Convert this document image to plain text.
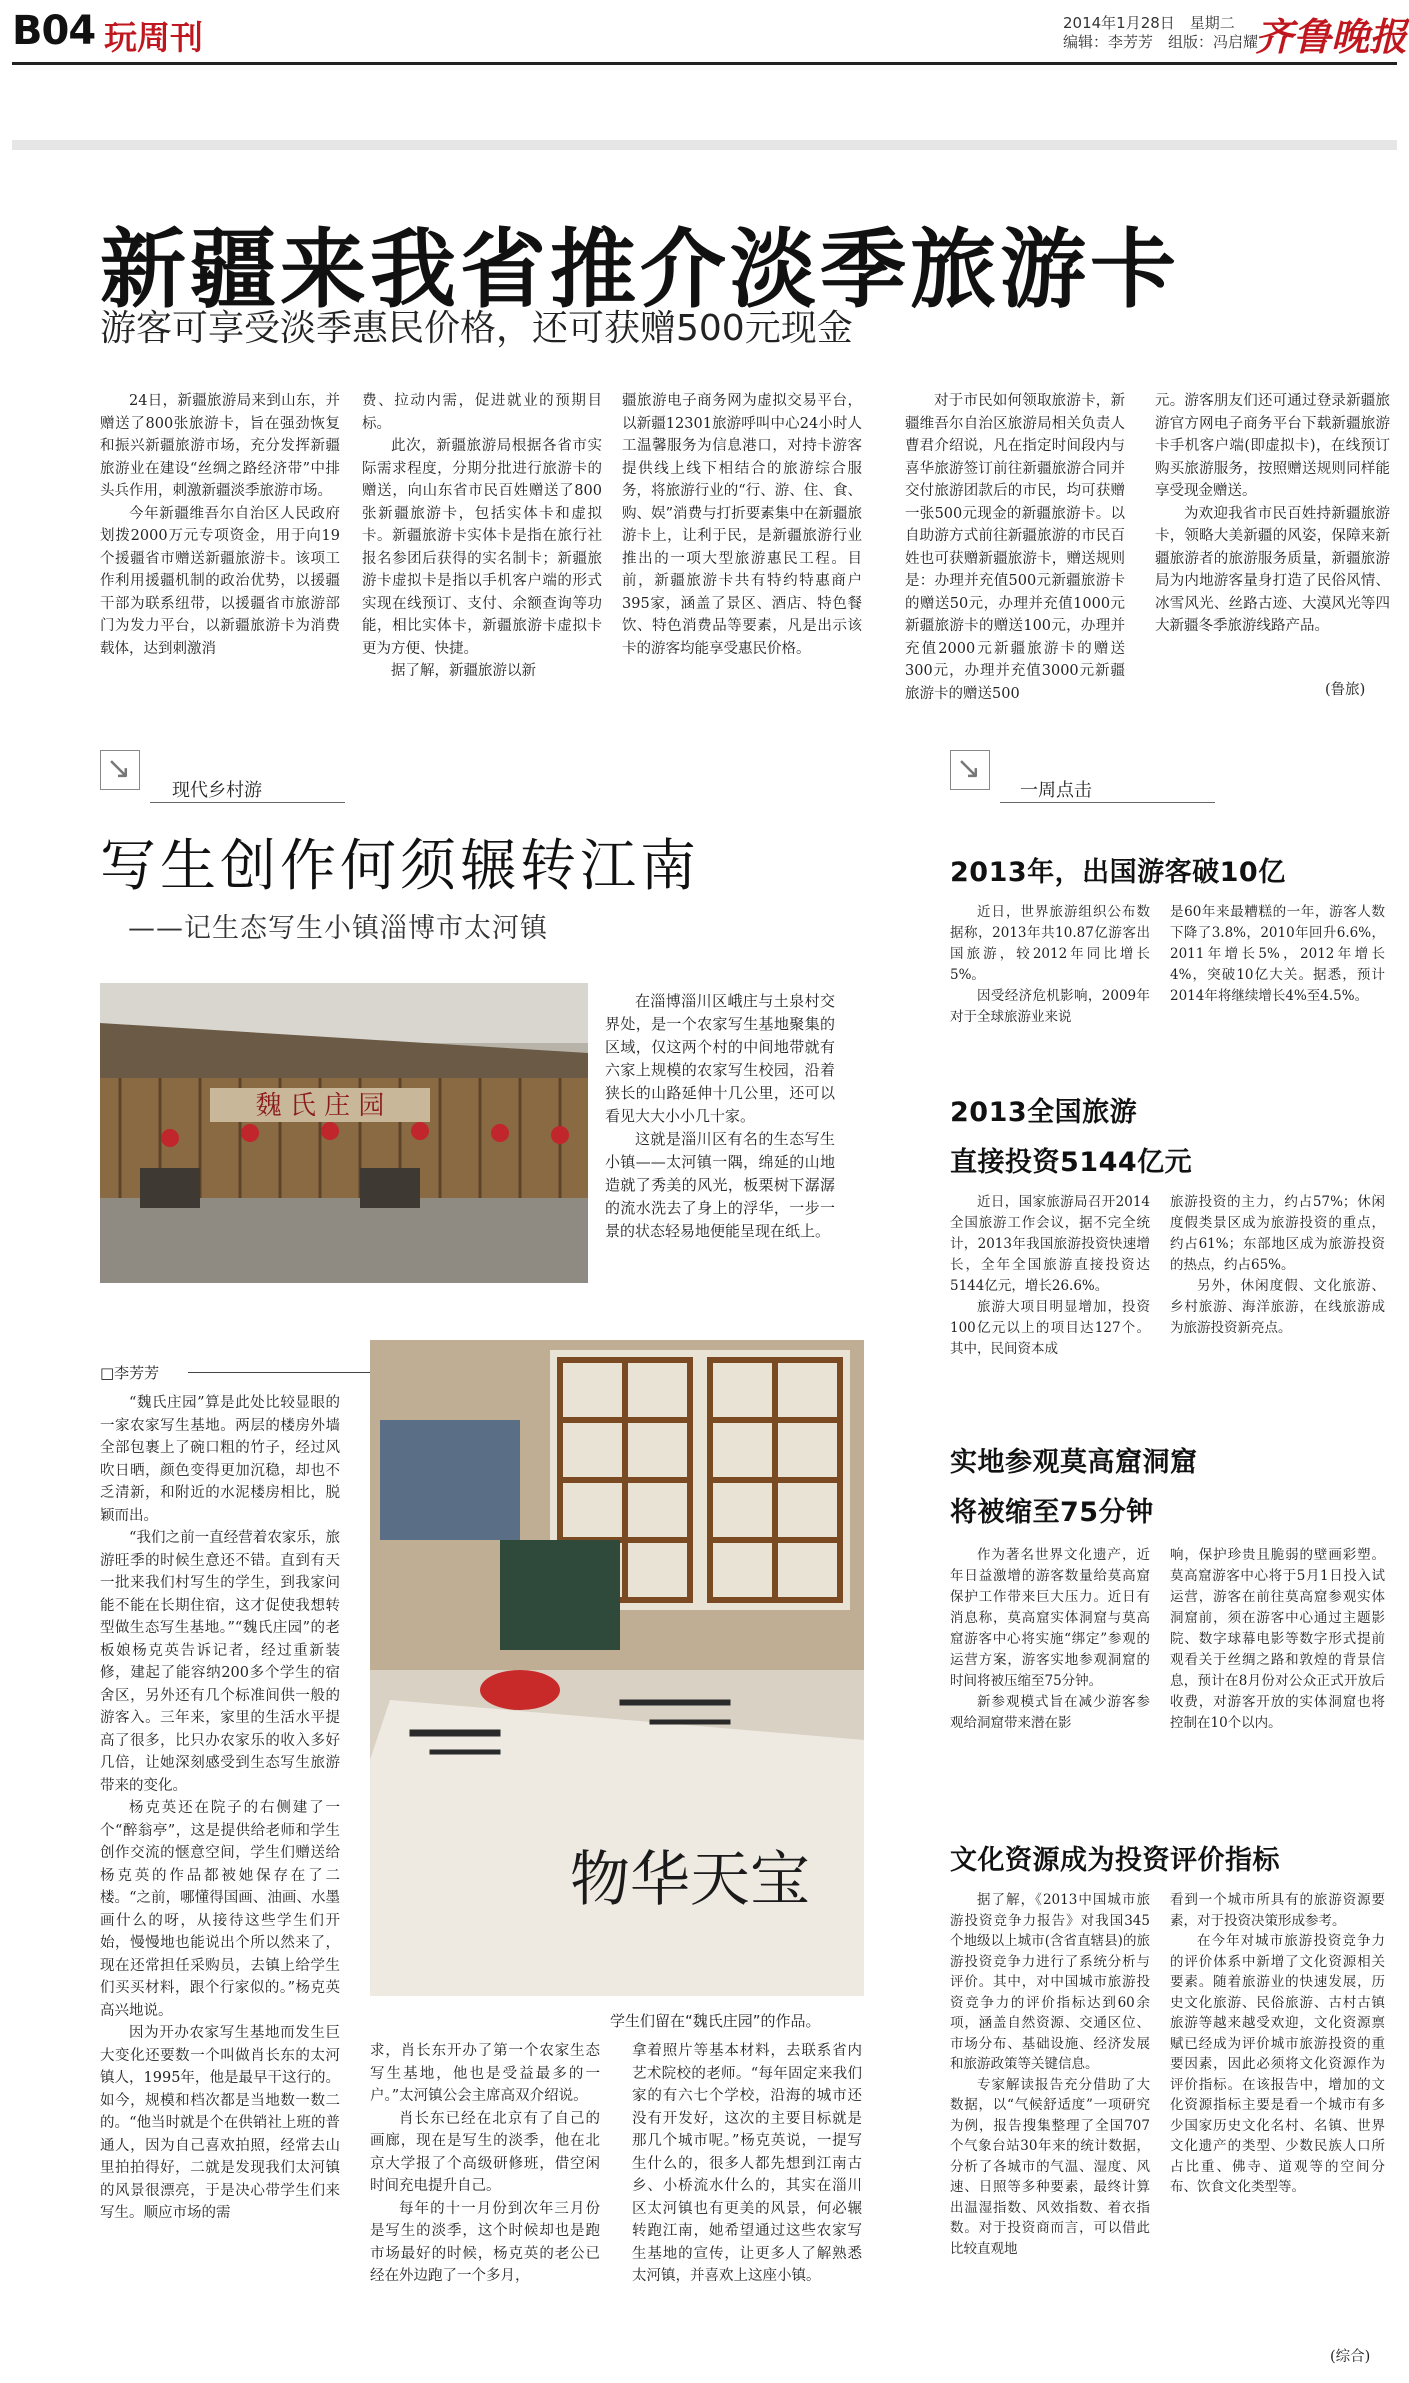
B04 玩周刊	2014年1月28日　星期二
编辑：李芳芳　组版：冯启耀
齐鲁晚报
新疆来我省推介淡季旅游卡
游客可享受淡季惠民价格，还可获赠500元现金

24日，新疆旅游局来到山东，并赠送了800张旅游卡，旨在强劲恢复和振兴新疆旅游市场，充分发挥新疆旅游业在建设“丝绸之路经济带”中排头兵作用，刺激新疆淡季旅游市场。

今年新疆维吾尔自治区人民政府划拨2000万元专项资金，用于向19个援疆省市赠送新疆旅游卡。该项工作利用援疆机制的政治优势，以援疆干部为联系纽带，以援疆省市旅游部门为发力平台，以新疆旅游卡为消费载体，达到刺激消

费、拉动内需，促进就业的预期目标。

此次，新疆旅游局根据各省市实际需求程度，分期分批进行旅游卡的赠送，向山东省市民百姓赠送了800张新疆旅游卡，包括实体卡和虚拟卡。新疆旅游卡实体卡是指在旅行社报名参团后获得的实名制卡；新疆旅游卡虚拟卡是指以手机客户端的形式实现在线预订、支付、余额查询等功能，相比实体卡，新疆旅游卡虚拟卡更为方便、快捷。

据了解，新疆旅游以新

疆旅游电子商务网为虚拟交易平台，以新疆12301旅游呼叫中心24小时人工温馨服务为信息港口，对持卡游客提供线上线下相结合的旅游综合服务，将旅游行业的“行、游、住、食、购、娱”消费与打折要素集中在新疆旅游卡上，让利于民，是新疆旅游行业推出的一项大型旅游惠民工程。目前，新疆旅游卡共有特约特惠商户395家，涵盖了景区、酒店、特色餐饮、特色消费品等要素，凡是出示该卡的游客均能享受惠民价格。

对于市民如何领取旅游卡，新疆维吾尔自治区旅游局相关负责人曹君介绍说，凡在指定时间段内与喜华旅游签订前往新疆旅游合同并交付旅游团款后的市民，均可获赠一张500元现金的新疆旅游卡。以自助游方式前往新疆旅游的市民百姓也可获赠新疆旅游卡，赠送规则是：办理并充值500元新疆旅游卡的赠送50元，办理并充值1000元新疆旅游卡的赠送100元，办理并充值2000元新疆旅游卡的赠送300元，办理并充值3000元新疆旅游卡的赠送500

元。游客朋友们还可通过登录新疆旅游官方网电子商务平台下载新疆旅游卡手机客户端(即虚拟卡)，在线预订购买旅游服务，按照赠送规则同样能享受现金赠送。

为欢迎我省市民百姓持新疆旅游卡，领略大美新疆的风姿，保障来新疆旅游者的旅游服务质量，新疆旅游局为内地游客量身打造了民俗风情、冰雪风光、丝路古迹、大漠风光等四大新疆冬季旅游线路产品。

(鲁旅)
↘
现代乡村游
写生创作何须辗转江南
——记生态写生小镇淄博市太河镇
魏 氏 庄 园

在淄博淄川区峨庄与土泉村交界处，是一个农家写生基地聚集的区域，仅这两个村的中间地带就有六家上规模的农家写生校园，沿着狭长的山路延伸十几公里，还可以看见大大小小几十家。

这就是淄川区有名的生态写生小镇——太河镇一隅，绵延的山地造就了秀美的风光，板栗树下潺潺的流水洗去了身上的浮华，一步一景的状态轻易地便能呈现在纸上。

□李芳芳

“魏氏庄园”算是此处比较显眼的一家农家写生基地。两层的楼房外墙全部包裹上了碗口粗的竹子，经过风吹日晒，颜色变得更加沉稳，却也不乏清新，和附近的水泥楼房相比，脱颖而出。

“我们之前一直经营着农家乐，旅游旺季的时候生意还不错。直到有天一批来我们村写生的学生，到我家问能不能在长期住宿，这才促使我想转型做生态写生基地。”“魏氏庄园”的老板娘杨克英告诉记者，经过重新装修，建起了能容纳200多个学生的宿舍区，另外还有几个标准间供一般的游客入。三年来，家里的生活水平提高了很多，比只办农家乐的收入多好几倍，让她深刻感受到生态写生旅游带来的变化。

杨克英还在院子的右侧建了一个“醉翁亭”，这是提供给老师和学生创作交流的惬意空间，学生们赠送给杨克英的作品都被她保存在了二楼。“之前，哪懂得国画、油画、水墨画什么的呀，从接待这些学生们开始，慢慢地也能说出个所以然来了，现在还常担任采购员，去镇上给学生们买买材料，跟个行家似的。”杨克英高兴地说。

因为开办农家写生基地而发生巨大变化还要数一个叫做肖长东的太河镇人，1995年，他是最早干这行的。如今，规模和档次都是当地数一数二的。“他当时就是个在供销社上班的普通人，因为自己喜欢拍照，经常去山里拍拍得好，二就是发现我们太河镇的风景很漂亮，于是决心带学生们来写生。顺应市场的需

物华天宝
学生们留在“魏氏庄园”的作品。

求，肖长东开办了第一个农家生态写生基地，他也是受益最多的一户。”太河镇公会主席高双介绍说。

肖长东已经在北京有了自己的画廊，现在是写生的淡季，他在北京大学报了个高级研修班，借空闲时间充电提升自己。

每年的十一月份到次年三月份是写生的淡季，这个时候却也是跑市场最好的时候，杨克英的老公已经在外边跑了一个多月，

拿着照片等基本材料，去联系省内艺术院校的老师。“每年固定来我们家的有六七个学校，沿海的城市还没有开发好，这次的主要目标就是那几个城市呢。”杨克英说，一提写生什么的，很多人都先想到江南古乡、小桥流水什么的，其实在淄川区太河镇也有更美的风景，何必辗转跑江南，她希望通过这些农家写生基地的宣传，让更多人了解熟悉太河镇，并喜欢上这座小镇。

↘
一周点击
2013年，出国游客破10亿

近日，世界旅游组织公布数据称，2013年共10.87亿游客出国旅游，较2012年同比增长5%。

因受经济危机影响，2009年对于全球旅游业来说

是60年来最糟糕的一年，游客人数下降了3.8%，2010年回升6.6%，2011年增长5%，2012年增长4%，突破10亿大关。据悉，预计2014年将继续增长4%至4.5%。

2013全国旅游
直接投资5144亿元

近日，国家旅游局召开2014全国旅游工作会议，据不完全统计，2013年我国旅游投资快速增长，全年全国旅游直接投资达5144亿元，增长26.6%。

旅游大项目明显增加，投资100亿元以上的项目达127个。其中，民间资本成

旅游投资的主力，约占57%；休闲度假类景区成为旅游投资的重点，约占61%；东部地区成为旅游投资的热点，约占65%。

另外，休闲度假、文化旅游、乡村旅游、海洋旅游，在线旅游成为旅游投资新亮点。

实地参观莫高窟洞窟
将被缩至75分钟

作为著名世界文化遗产，近年日益激增的游客数量给莫高窟保护工作带来巨大压力。近日有消息称，莫高窟实体洞窟与莫高窟游客中心将实施“绑定”参观的运营方案，游客实地参观洞窟的时间将被压缩至75分钟。

新参观模式旨在减少游客参观给洞窟带来潜在影

响，保护珍贵且脆弱的壁画彩塑。莫高窟游客中心将于5月1日投入试运营，游客在前往莫高窟参观实体洞窟前，须在游客中心通过主题影院、数字球幕电影等数字形式提前观看关于丝绸之路和敦煌的背景信息，预计在8月份对公众正式开放后收费，对游客开放的实体洞窟也将控制在10个以内。

文化资源成为投资评价指标

据了解，《2013中国城市旅游投资竞争力报告》对我国345个地级以上城市(含省直辖县)的旅游投资竞争力进行了系统分析与评价。其中，对中国城市旅游投资竞争力的评价指标达到60余项，涵盖自然资源、交通区位、市场分布、基础设施、经济发展和旅游政策等关键信息。

专家解读报告充分借助了大数据，以“气候舒适度”一项研究为例，报告搜集整理了全国707个气象台站30年来的统计数据，分析了各城市的气温、湿度、风速、日照等多种要素，最终计算出温湿指数、风效指数、着衣指数。对于投资商而言，可以借此比较直观地

看到一个城市所具有的旅游资源要素，对于投资决策形成参考。

在今年对城市旅游投资竞争力的评价体系中新增了文化资源相关要素。随着旅游业的快速发展，历史文化旅游、民俗旅游、古村古镇旅游等越来越受欢迎，文化资源禀赋已经成为评价城市旅游投资的重要因素，因此必须将文化资源作为评价指标。在该报告中，增加的文化资源指标主要是看一个城市有多少国家历史文化名村、名镇、世界文化遗产的类型、少数民族人口所占比重、佛寺、道观等的空间分布、饮食文化类型等。

(综合)
